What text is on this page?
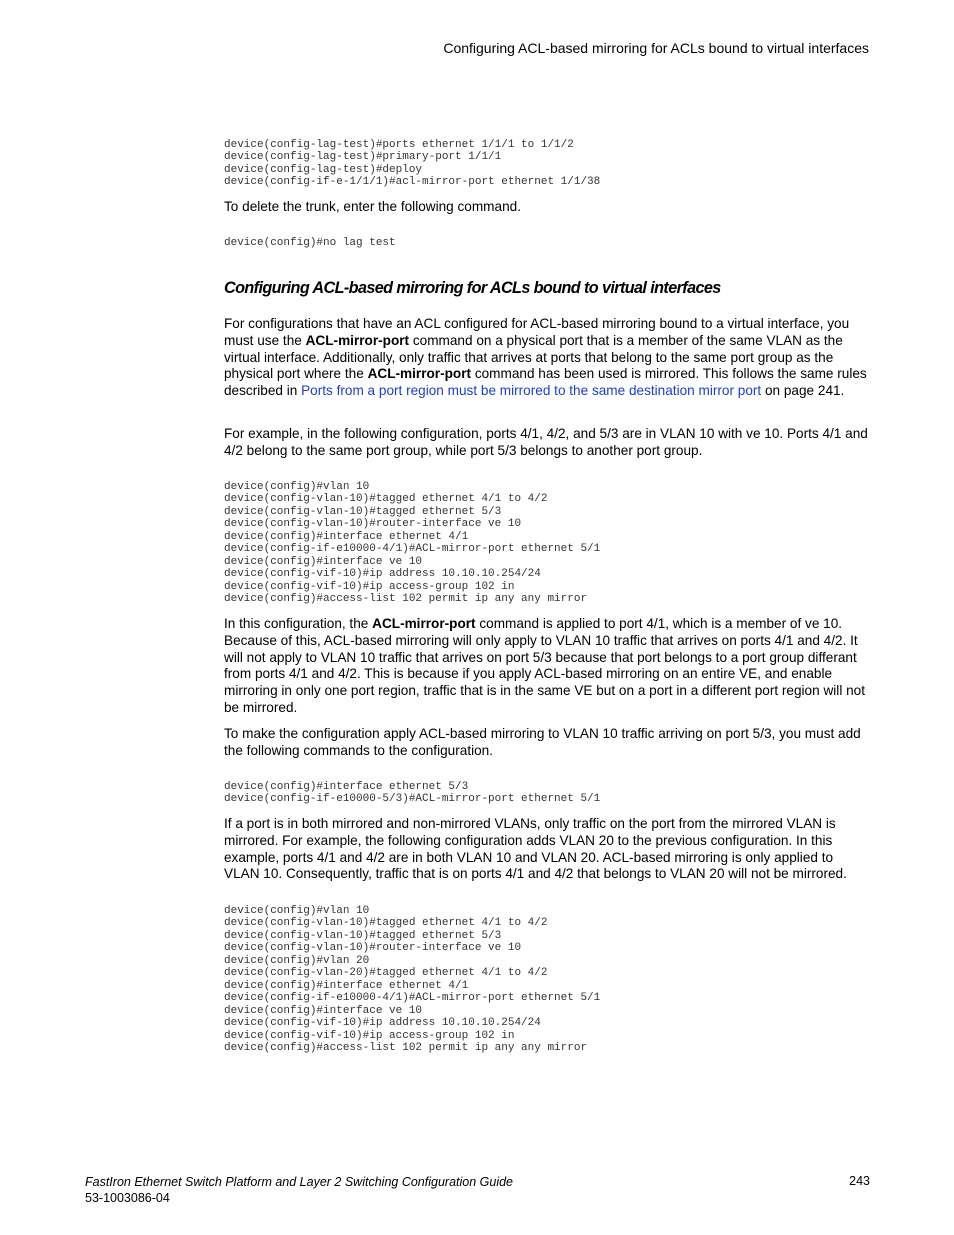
Configuring ACL-based mirroring for ACLs bound to virtual interfaces
device(config-lag-test)#ports ethernet 1/1/1 to 1/1/2
device(config-lag-test)#primary-port 1/1/1
device(config-lag-test)#deploy
device(config-if-e-1/1/1)#acl-mirror-port ethernet 1/1/38

To delete the trunk, enter the following command.

device(config)#no lag test
Configuring ACL-based mirroring for ACLs bound to virtual interfaces

For configurations that have an ACL configured for ACL-based mirroring bound to a virtual interface, you must use the ACL-mirror-port command on a physical port that is a member of the same VLAN as the virtual interface. Additionally, only traffic that arrives at ports that belong to the same port group as the physical port where the ACL-mirror-port command has been used is mirrored. This follows the same rules described in Ports from a port region must be mirrored to the same destination mirror port on page 241.

For example, in the following configuration, ports 4/1, 4/2, and 5/3 are in VLAN 10 with ve 10. Ports 4/1 and 4/2 belong to the same port group, while port 5/3 belongs to another port group.

device(config)#vlan 10
device(config-vlan-10)#tagged ethernet 4/1 to 4/2
device(config-vlan-10)#tagged ethernet 5/3
device(config-vlan-10)#router-interface ve 10
device(config)#interface ethernet 4/1
device(config-if-e10000-4/1)#ACL-mirror-port ethernet 5/1
device(config)#interface ve 10
device(config-vif-10)#ip address 10.10.10.254/24
device(config-vif-10)#ip access-group 102 in
device(config)#access-list 102 permit ip any any mirror

In this configuration, the ACL-mirror-port command is applied to port 4/1, which is a member of ve 10. Because of this, ACL-based mirroring will only apply to VLAN 10 traffic that arrives on ports 4/1 and 4/2. It will not apply to VLAN 10 traffic that arrives on port 5/3 because that port belongs to a port group differant from ports 4/1 and 4/2. This is because if you apply ACL-based mirroring on an entire VE, and enable mirroring in only one port region, traffic that is in the same VE but on a port in a different port region will not be mirrored.

To make the configuration apply ACL-based mirroring to VLAN 10 traffic arriving on port 5/3, you must add the following commands to the configuration.

device(config)#interface ethernet 5/3
device(config-if-e10000-5/3)#ACL-mirror-port ethernet 5/1

If a port is in both mirrored and non-mirrored VLANs, only traffic on the port from the mirrored VLAN is mirrored. For example, the following configuration adds VLAN 20 to the previous configuration. In this example, ports 4/1 and 4/2 are in both VLAN 10 and VLAN 20. ACL-based mirroring is only applied to VLAN 10. Consequently, traffic that is on ports 4/1 and 4/2 that belongs to VLAN 20 will not be mirrored.

device(config)#vlan 10
device(config-vlan-10)#tagged ethernet 4/1 to 4/2
device(config-vlan-10)#tagged ethernet 5/3
device(config-vlan-10)#router-interface ve 10
device(config)#vlan 20
device(config-vlan-20)#tagged ethernet 4/1 to 4/2
device(config)#interface ethernet 4/1
device(config-if-e10000-4/1)#ACL-mirror-port ethernet 5/1
device(config)#interface ve 10
device(config-vif-10)#ip address 10.10.10.254/24
device(config-vif-10)#ip access-group 102 in
device(config)#access-list 102 permit ip any any mirror
FastIron Ethernet Switch Platform and Layer 2 Switching Configuration Guide
53-1003086-04
243
